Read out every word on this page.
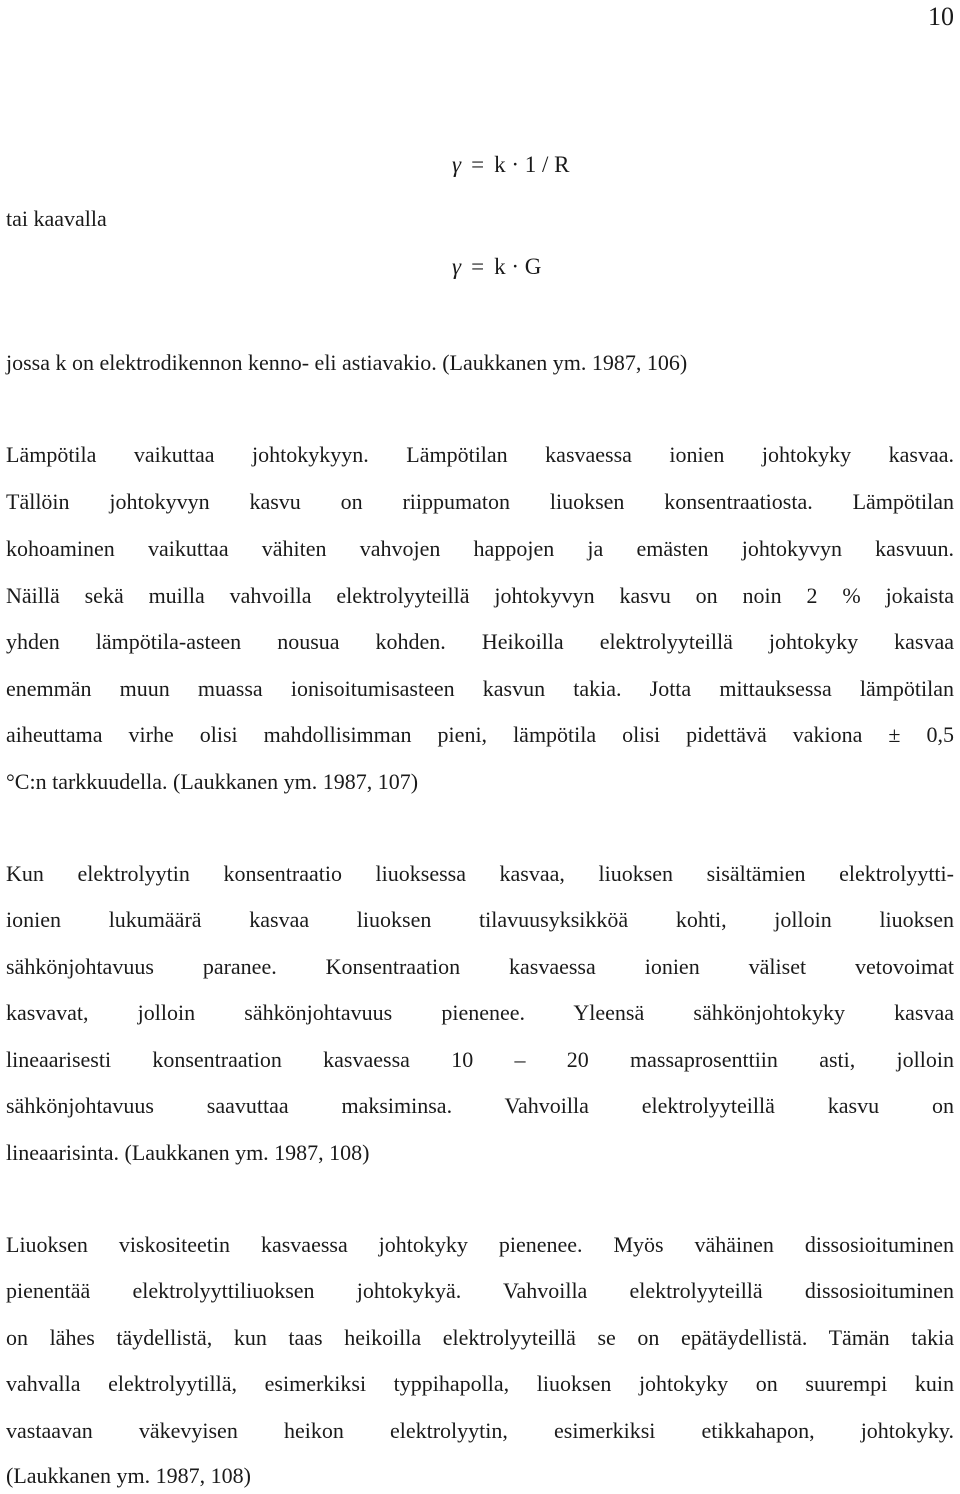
10
γ = k · 1 / R
tai kaavalla
γ = k · G
jossa k on elektrodikennon kenno- eli astiavakio. (Laukkanen ym. 1987, 106)
Lämpötila vaikuttaa johtokykyyn. Lämpötilan kasvaessa ionien johtokyky kasvaa.
Tällöin johtokyvyn kasvu on riippumaton liuoksen konsentraatiosta. Lämpötilan
kohoaminen vaikuttaa vähiten vahvojen happojen ja emästen johtokyvyn kasvuun.
Näillä sekä muilla vahvoilla elektrolyyteillä johtokyvyn kasvu on noin 2 % jokaista
yhden lämpötila-asteen nousua kohden. Heikoilla elektrolyyteillä johtokyky kasvaa
enemmän muun muassa ionisoitumisasteen kasvun takia. Jotta mittauksessa lämpötilan
aiheuttama virhe olisi mahdollisimman pieni, lämpötila olisi pidettävä vakiona ± 0,5
°C:n tarkkuudella. (Laukkanen ym. 1987, 107)
Kun elektrolyytin konsentraatio liuoksessa kasvaa, liuoksen sisältämien elektrolyytti-
ionien lukumäärä kasvaa liuoksen tilavuusyksikköä kohti, jolloin liuoksen
sähkönjohtavuus paranee. Konsentraation kasvaessa ionien väliset vetovoimat
kasvavat, jolloin sähkönjohtavuus pienenee. Yleensä sähkönjohtokyky kasvaa
lineaarisesti konsentraation kasvaessa 10 – 20 massaprosenttiin asti, jolloin
sähkönjohtavuus saavuttaa maksiminsa. Vahvoilla elektrolyyteillä kasvu on
lineaarisinta. (Laukkanen ym. 1987, 108)
Liuoksen viskositeetin kasvaessa johtokyky pienenee. Myös vähäinen dissosioituminen
pienentää elektrolyyttiliuoksen johtokykyä. Vahvoilla elektrolyyteillä dissosioituminen
on lähes täydellistä, kun taas heikoilla elektrolyyteillä se on epätäydellistä. Tämän takia
vahvalla elektrolyytillä, esimerkiksi typpihapolla, liuoksen johtokyky on suurempi kuin
vastaavan väkevyisen heikon elektrolyytin, esimerkiksi etikkahapon, johtokyky.
(Laukkanen ym. 1987, 108)
